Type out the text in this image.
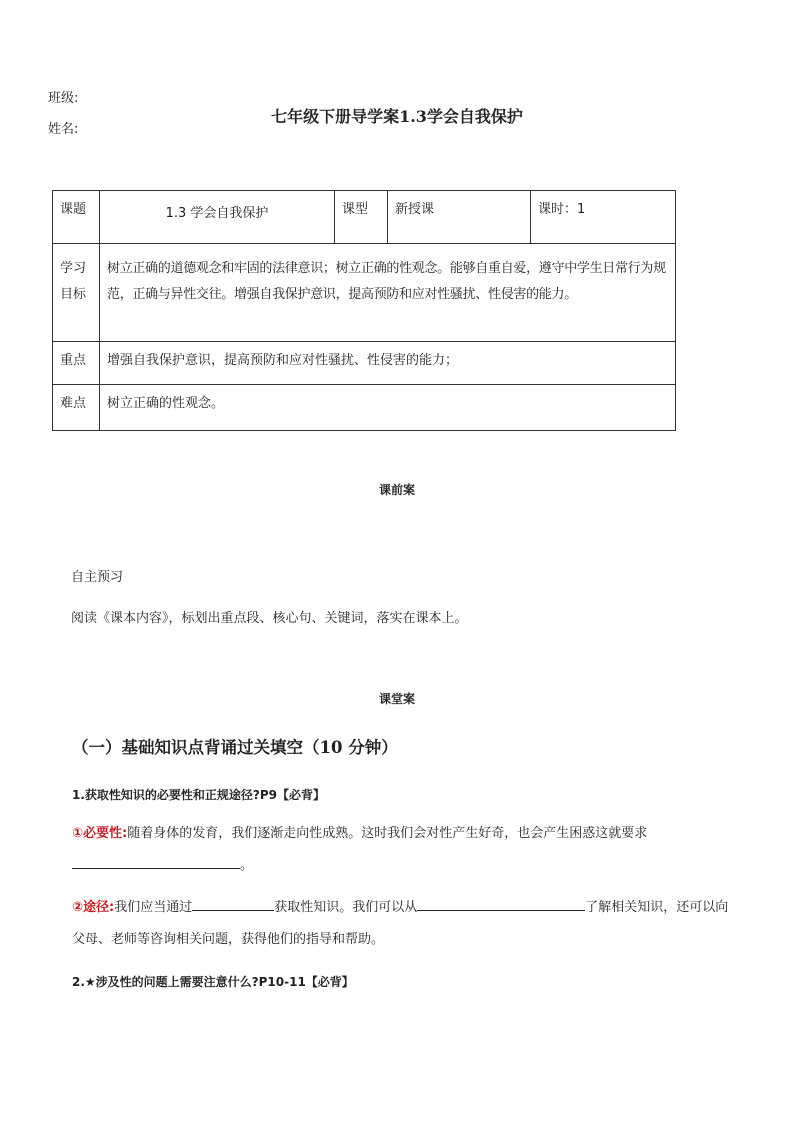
班级:
姓名:
七年级下册导学案1.3学会自我保护
课题	1.3 学会自我保护	课型	新授课	课时：1
学习目标	树立正确的道德观念和牢固的法律意识；树立正确的性观念。能够自重自爱，遵守中学生日常行为规范，正确与异性交往。增强自我保护意识，提高预防和应对性骚扰、性侵害的能力。			
重点	增强自我保护意识，提高预防和应对性骚扰、性侵害的能力；			
难点	树立正确的性观念。			
课前案
自主预习
阅读《课本内容》，标划出重点段、核心句、关键词，落实在课本上。
课堂案
（一）基础知识点背诵过关填空（10 分钟）
1.获取性知识的必要性和正规途径?P9【必背】
①必要性:随着身体的发育，我们逐渐走向性成熟。这时我们会对性产生好奇，也会产生困惑这就要求
。
②途径:我们应当通过	获取性知识。我们可以从	了解相关知识，还可以向父母、老师等咨询相关问题，获得他们的指导和帮助。
2.★涉及性的问题上需要注意什么?P10-11【必背】
